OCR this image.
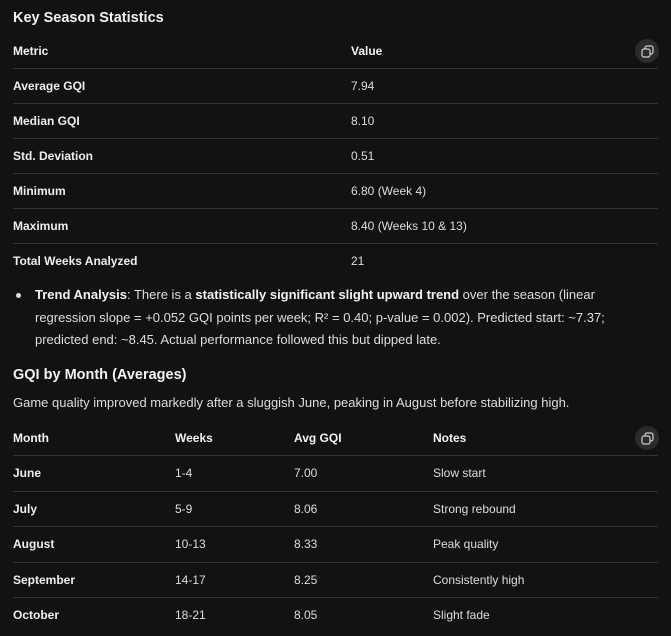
Key Season Statistics
Metric	Value
Average GQI	7.94
Median GQI	8.10
Std. Deviation	0.51
Minimum	6.80 (Week 4)
Maximum	8.40 (Weeks 10 & 13)
Total Weeks Analyzed	21
Trend Analysis: There is a statistically significant slight upward trend over the season (linear regression slope = +0.052 GQI points per week; R² = 0.40; p-value = 0.002). Predicted start: ~7.37; predicted end: ~8.45. Actual performance followed this but dipped late.
GQI by Month (Averages)
Game quality improved markedly after a sluggish June, peaking in August before stabilizing high.
Month	Weeks	Avg GQI	Notes
June	1-4	7.00	Slow start
July	5-9	8.06	Strong rebound
August	10-13	8.33	Peak quality
September	14-17	8.25	Consistently high
October	18-21	8.05	Slight fade
